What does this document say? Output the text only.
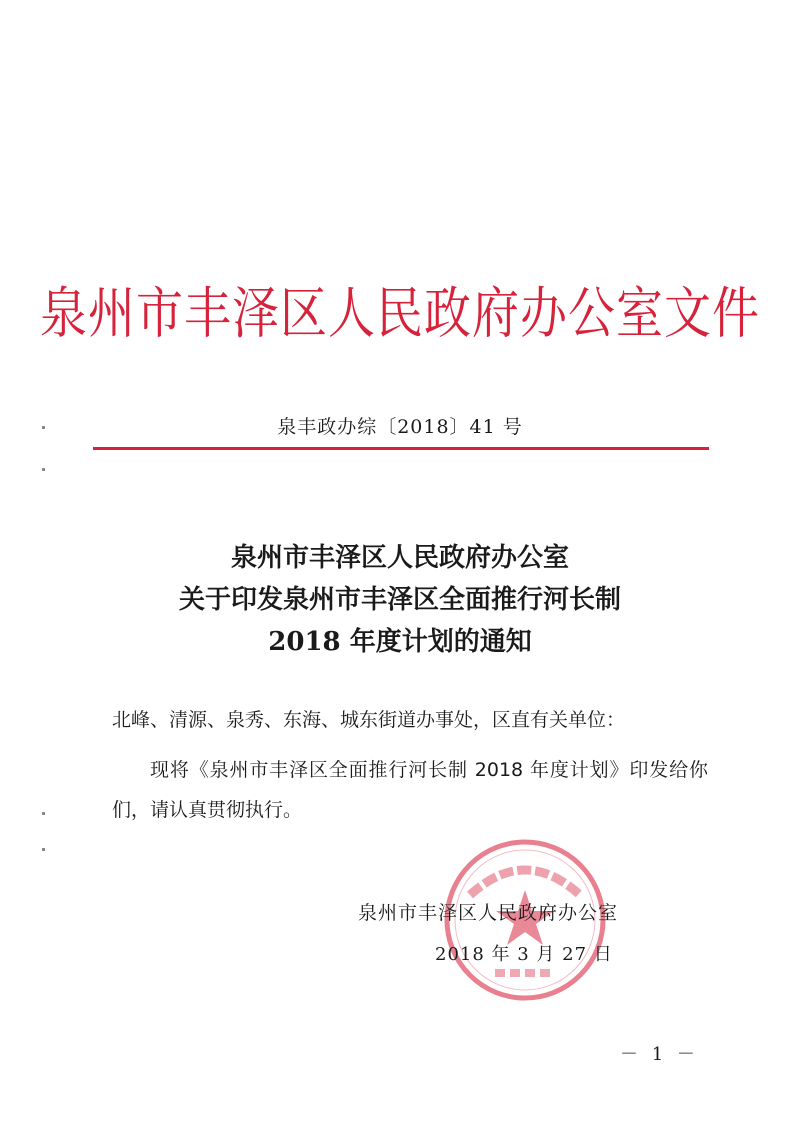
泉州市丰泽区人民政府办公室文件
泉丰政办综〔2018〕41 号
泉州市丰泽区人民政府办公室
关于印发泉州市丰泽区全面推行河长制
2018 年度计划的通知
北峰、清源、泉秀、东海、城东街道办事处，区直有关单位：
现将《泉州市丰泽区全面推行河长制 2018 年度计划》印发给你们，请认真贯彻执行。
泉州市丰泽区人民政府办公室
2018 年 3 月 27 日
－ 1 －
